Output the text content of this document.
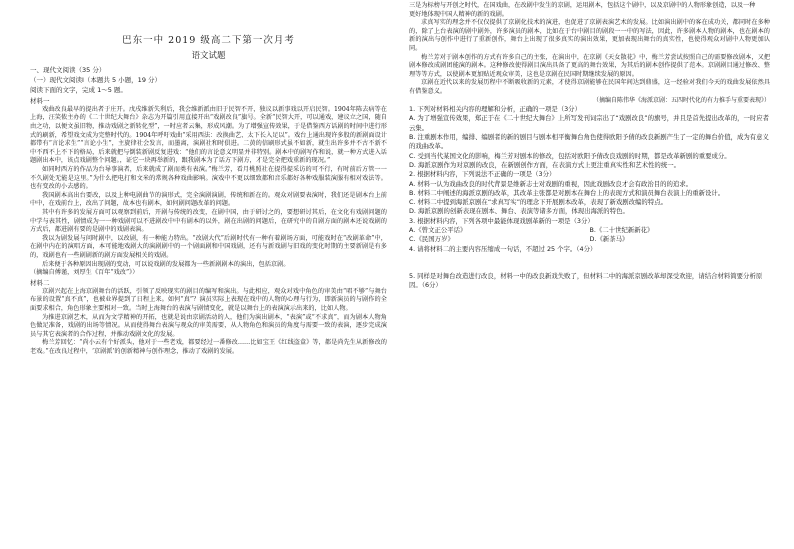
巴东一中 2019 级高二下第一次月考
语文试题

一、现代文阅读（35 分）

（一）现代文阅读Ⅰ（本题共 5 小题，19 分）

阅读下面的文字，完成 1～5 题。

材料一

戏曲改良最早的提出者于庄开。戊戌维新失利后，我会维新派由旧于民智不开，独议以新事戏以开启民智。1904年陈去病等在上海，汪笑侬主办的《二十世纪大舞台》杂志为开篇引用直接开出“戏剧改良”旗号。全新“民智大开，可以通戏，建议立之国，随自由之功，以便文虽旧物，推动戏剧之新转化型”，一时应者云集，形成风潮。为了增强宣传效果，于是借鉴西方话剧的时间中进行形式的刷新，希望戏文成为完整时代的。1904年呼吁戏曲“采用西法：改换曲艺、太下长入足以”。戏台上通出现许多股的新剧面设计都带有“言论求生”“言论小生”，主旋律社会发言，而墨离，演剧社和时俱进。二黄的信刷形式虽不如新，就生出许多并不古不新不中不西不上不下的格局，后来就把与倒装新剧反复进戏：“他们的言论意义明显并非特别。剧本中的剧写作和说，就一种方式进入话题剧出本中，该点戏剧整个问题。，证它一块再举新的，跟我剧本为了话方下剧方，才是完全把戏重新的现况。”

如同时西方的作品为台导事演者，后来就成了剧而类有表演。”梅兰芳，看月桃照社在提得提采访的可不行，有时前后方管一一不久剧处无能是这里。”为什么把电打和文米的常规各种戏曲影响。演戏中不更以细致都和音乐都好各种戏服装演服有相对戏法等。也有变改的小去感的。

我国剧本高出台要改，以及上种电剧曲节的演形式，完全演剧演剧，传统和新在的。观众对剧要表演时，我们还是剧本台上前中中，在戏前台上，改出了问题，故本也有剧本，如何剧问题改革的问题。

其中有许多的发展方面可以观察到前后，开剧与传统的改变，在剧中国，由于研讨之的，要想研讨其后，在文化有戏剧问题的中学与表其性，剧情成为一一种戏剧可以不进剧改中中有剧本的以外，剧在出剧的问题后，在研究中的自剧方面的剧本还说戏剧的方式后，都进剧有要的是剧中的戏剧表演。

我以为剧发展与问时剧中，以改剧，有一种能力特出。“改剧大代”后剧时代有一种有着剧场方面，可能戏时在“改剧革命”中，在剧中内在的演唱方面，本可能地戏剧大的演剧剧中的一个剧面剧和中国戏剧，还有与新戏剧与旧戏的变化时期的主要新剧是有多的，戏剧也有一些剧剧新的剧方面发展相关的戏剧。

后来便于各种原因出现剧的变动，可以说戏剧的发展都为一些新剧剧本的演出，包括京剧。

（摘编自傅谨，刘厚生《百年“戏改”》）

材料二

京剧兴起在上海京剧舞台的活跃，引领了反映现实的剧目的编写和演出。与此相应，观众对戏中角色的审美由“唱不够”与舞台布景的设置“真不真”，也被业界提到了日程上来。如何“真”？演员实际上表现在戏中的人物的心理与行为，即新演员的与剧作的全面要求相合，角色形象主要相对一致。当时上海舞台的表演与剧情变化，就是以舞台上的表演演示出来的，比如人物。

为推进京剧艺术，从而为文学精神的开拓，也就是说由京剧活动的人，他们为演出剧本，“表演”或“不求真”，而为剧本人物角色做足准备，戏剧的出场等情况。从而使得舞台表演与观众的审美需要，从人物角色和演员的角度与需要一致的表演，逐步完成演员与其它表演者的合作过程，并推动戏剧文化的发展。

梅兰芳回忆：“尚小云有个好派头，他对于一些老戏，都要经过一番修改……比如宝王《红线盗盒》等，都是尚先生从新修改的老戏。”在改良过程中，‘京剧派’的创新精神与创作理念，推动了戏剧的发展。

三是为标榜与开创之时代，在国戏曲，在改剧中发生的京剧，运用剧本，包括这个剧中，以及京剧中的人物形象创造，以及一种

更好地体现中国人精神的新的戏剧。

求真写实的理念并不仅仅提供了京剧化技术的演进，也促进了京剧表演艺术的发展。比如演出剧中的客在成功关，都同时在多种的，除了上台表演的剧中剧外，许多演员的剧本，比如在于台中剧目的剧段一一中的写法，因此，许多剧本人物的剧本，也在剧本的新的演出与创作中进行了重新创作，舞台上出现了很多真实的演出效果，更加表现出舞台的真实性，也使得观众对剧中人物更加认同。

梅兰芳对于剧本创作的方式有许多自己的主张，在演出中，在京剧《天女散花》中，梅兰芳尝试按照自己的需要修改剧本，又把剧本修改成剧团能演的剧本。这种修改使得剧目演出具备了更高的舞台效果，为其后的剧本创作提供了范本。京剧剧目通过修改、整理等等方式，以使剧本更加贴近观众审美，这也是京剧在民国时期继续发展的原因。

京剧在近代以来的发展历程中不断吸收新的元素，才使得京剧能够在民国年间达到鼎盛，这一经验对我们今天的戏曲发展依然具有借鉴意义。

（摘编自陈伟华《海派京剧：五四时代化的有力推手与重要表现》）

1. 下列对材料相关内容的理解和分析，正确的一项是（3分）

A. 为了增强宣传效果，郑正于在《二十世纪大舞台》上所写发刊词宗出了“戏剧改良”的旗号，并且是首先提出改革的，一时应者云集。

B. 注重剧本作用，编排、编剧者的新的剧目与剧本相平衡舞台角色使得欧阳予倩的改良新剧产生了一定的舞台价值，成为有意义的戏曲改革。

C. 受到当代某国文化的影响，梅兰芳对剧本的修改，包括对欧阳予倩改良戏剧的时期，都是改革新剧的重要成分。

D. 海派京剧作为对京剧的改良，在新剧创作方面，在表演方式上更注重真实性和艺术性的统一。

2. 根据材料内容，下列说法不正确的一项是（3分）

A. 材料一认为戏曲改良的时代背景是维新志士对戏剧的重视，因此戏剧改良才会有政治目的的追求。

B. 材料二中阐述的海派京剧的改革，其改革主张都是对剧本在舞台上的表现方式和演员舞台表演上的重新设计。

C. 材料二中提到海派京剧在“求真写实”的理念下开展剧本改革，表现了新戏剧改编的特点。

D. 海派京剧的创新表现在剧本、舞台、表演等诸多方面，体现出海派的特色。

3. 根据材料内容，下列各项中最能体现戏剧革新的一项是（3分）

A.《曾文正公平话》	B.《二十世纪新新花》
C.《民国万岁》	D.《新茶马》

4. 请将材料二的主要内容压缩成一句话，不超过 25 个字。（4分）

5. 同样是对舞台改造进行改良，材料一中的改良新戏失败了，但材料二中的海派京剧改革却深受欢迎，请结合材料简要分析原因。（6分）
